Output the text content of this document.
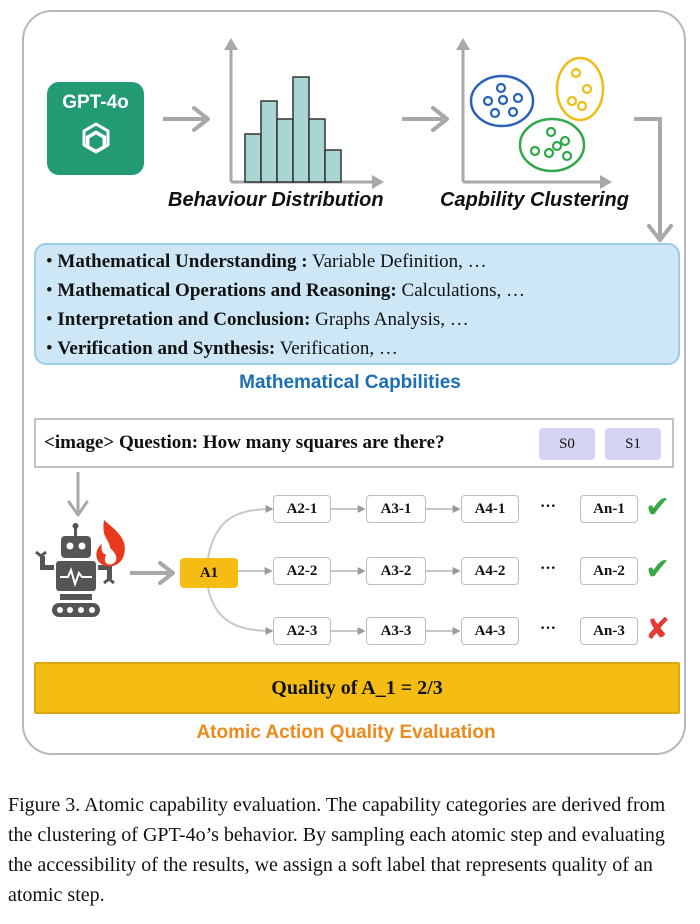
GPT-4o
Behaviour Distribution	Capbility Clustering
• Mathematical Understanding : Variable Definition, …
• Mathematical Operations and Reasoning: Calculations, …
• Interpretation and Conclusion: Graphs Analysis, …
• Verification and Synthesis: Verification, …
Mathematical Capbilities
<image> Question: How many squares are there?	S0	S1
A1
A2-1	A3-1	A4-1	···	An-1 ✔
A2-2	A3-2	A4-2	···	An-2 ✔
A2-3	A3-3	A4-3	···	An-3 ✘
Quality of A_1 = 2/3
Atomic Action Quality Evaluation
Figure 3. Atomic capability evaluation. The capability categories are derived from the clustering of GPT-4o’s behavior. By sampling each atomic step and evaluating the accessibility of the results, we assign a soft label that represents quality of an atomic step.
